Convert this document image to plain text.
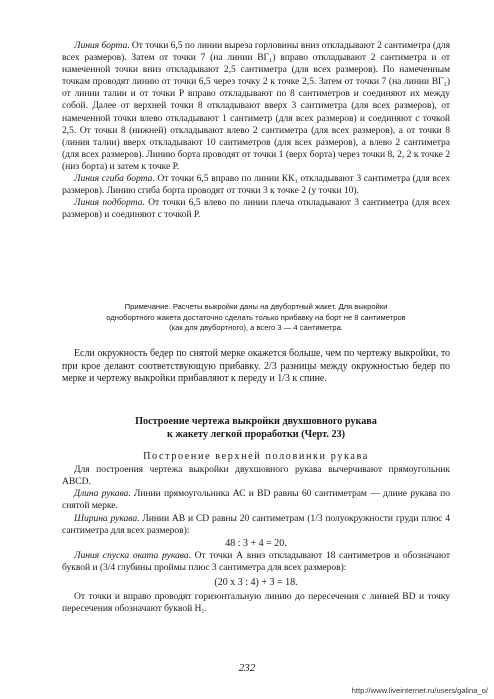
Линия борта. От точки 6,5 по линии выреза горловины вниз откладывают 2 сантиметра (для всех размеров). Затем от точки 7 (на линии ВГ₁) вправо откладывают 2 сантиметра и от намеченной точки вниз откладывают 2,5 сантиметра (для всех размеров). По намеченным точкам проводят линию от точки 6,5 через точку 2 к точке 2,5. Затем от точки 7 (на линии ВГ₁) от линии талии и от точки Р вправо откладывают по 8 сантиметров и соединяют их между собой. Далее от верхней точки 8 откладывают вверх 3 сантиметра (для всех размеров), от намеченной точки влево откладывают 1 сантиметр (для всех размеров) и соединяют с точкой 2,5. От точки 8 (нижней) откладывают влево 2 сантиметра (для всех размеров), а от точки 8 (линия талии) вверх откладывают 10 сантиметров (для всех размеров), а влево 2 сантиметра (для всех размеров). Линию борта проводят от точки 1 (верх борта) через точки 8, 2, 2 к точке 2 (низ борта) и затем к точке Р.

Линия сгиба борта. От точки 6,5 вправо по линии КК₁ откладывают 3 сантиметра (для всех размеров). Линию сгиба борта проводят от точки 3 к точке 2 (у точки 10).

Линия подборта. От точки 6,5 влево по линии плеча откладывают 3 сантиметра (для всех размеров) и соединяют с точкой Р.

Примечание. Расчеты выкройки даны на двубортный жакет. Для выкройки

однобортного жакета достаточно сделать только прибавку на борт не 8 сантиметров

(как для двубортного), а всего 3 — 4 сантиметра.

Если окружность бедер по снятой мерке окажется больше, чем по чертежу выкройки, то при крое делают соответствующую прибавку. 2/3 разницы между окружностью бедер по мерке и чертежу выкройки прибавляют к переду и 1/3 к спине.

Построение чертежа выкройки двухшовного рукава

к жакету легкой проработки (Черт. 23)

Построение верхней половинки рукава

Для построения чертежа выкройки двухшовного рукава вычерчивают прямоугольник АВСD.

Длина рукава. Линии прямоугольника АС и ВD равны 60 сантиметрам — длине рукава по снятой мерке.

Ширина рукава. Линии АВ и СD равны 20 сантиметрам (1/3 полуокружности груди плюс 4 сантиметра для всех размеров):

48 : 3 + 4 = 20.

Линия спуска оката рукава. От точки А вниз откладывают 18 сантиметров и обозначают буквой и (3/4 глубины проймы плюс 3 сантиметра для всех размеров):

(20 х 3 : 4) + 3 = 18.

От точки и вправо проводят горизонтальную линию до пересечения с линией ВD и точку пересечения обозначают буквой Н₁.

232
http://www.liveinternet.ru/users/galina_o/
